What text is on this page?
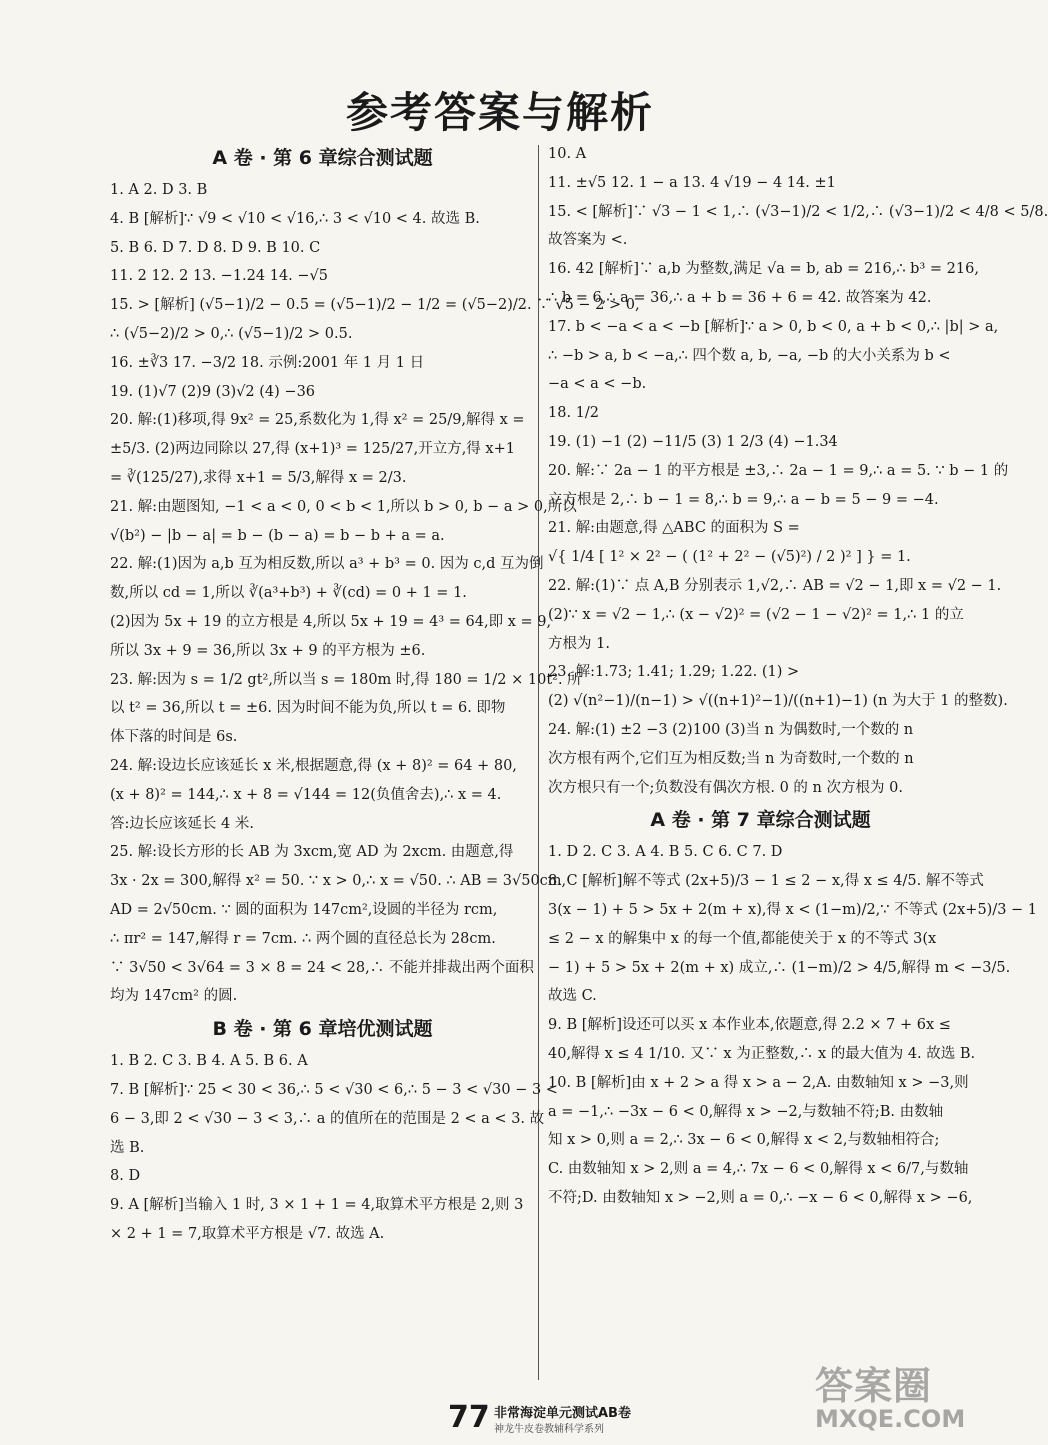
参考答案与解析
A 卷 · 第 6 章综合测试题
1. A 2. D 3. B
4. B [解析]∵ √9 < √10 < √16,∴ 3 < √10 < 4. 故选 B.
5. B 6. D 7. D 8. D 9. B 10. C
11. 2 12. 2 13. −1.24 14. −√5
15. > [解析] (√5−1)/2 − 0.5 = (√5−1)/2 − 1/2 = (√5−2)/2. ∵ √5 − 2 > 0,
∴ (√5−2)/2 > 0,∴ (√5−1)/2 > 0.5.
16. ±∛3 17. −3/2 18. 示例:2001 年 1 月 1 日
19. (1)√7 (2)9 (3)√2 (4) −36
20. 解:(1)移项,得 9x² = 25,系数化为 1,得 x² = 25/9,解得 x =
±5/3. (2)两边同除以 27,得 (x+1)³ = 125/27,开立方,得 x+1
= ∛(125/27),求得 x+1 = 5/3,解得 x = 2/3.
21. 解:由题图知, −1 < a < 0, 0 < b < 1,所以 b > 0, b − a > 0,所以
√(b²) − |b − a| = b − (b − a) = b − b + a = a.
22. 解:(1)因为 a,b 互为相反数,所以 a³ + b³ = 0. 因为 c,d 互为倒
数,所以 cd = 1,所以 ∛(a³+b³) + ∛(cd) = 0 + 1 = 1.
(2)因为 5x + 19 的立方根是 4,所以 5x + 19 = 4³ = 64,即 x = 9,
所以 3x + 9 = 36,所以 3x + 9 的平方根为 ±6.
23. 解:因为 s = 1/2 gt²,所以当 s = 180m 时,得 180 = 1/2 × 10t². 所
以 t² = 36,所以 t = ±6. 因为时间不能为负,所以 t = 6. 即物
体下落的时间是 6s.
24. 解:设边长应该延长 x 米,根据题意,得 (x + 8)² = 64 + 80,
(x + 8)² = 144,∴ x + 8 = √144 = 12(负值舍去),∴ x = 4.
答:边长应该延长 4 米.
25. 解:设长方形的长 AB 为 3xcm,宽 AD 为 2xcm. 由题意,得
3x · 2x = 300,解得 x² = 50. ∵ x > 0,∴ x = √50. ∴ AB = 3√50cm,
AD = 2√50cm. ∵ 圆的面积为 147cm²,设圆的半径为 rcm,
∴ πr² = 147,解得 r = 7cm. ∴ 两个圆的直径总长为 28cm.
∵ 3√50 < 3√64 = 3 × 8 = 24 < 28,∴ 不能并排裁出两个面积
均为 147cm² 的圆.
B 卷 · 第 6 章培优测试题
1. B 2. C 3. B 4. A 5. B 6. A
7. B [解析]∵ 25 < 30 < 36,∴ 5 < √30 < 6,∴ 5 − 3 < √30 − 3 <
6 − 3,即 2 < √30 − 3 < 3,∴ a 的值所在的范围是 2 < a < 3. 故
选 B.
8. D
9. A [解析]当输入 1 时, 3 × 1 + 1 = 4,取算术平方根是 2,则 3
× 2 + 1 = 7,取算术平方根是 √7. 故选 A.
10. A
11. ±√5 12. 1 − a 13. 4 √19 − 4 14. ±1
15. < [解析]∵ √3 − 1 < 1,∴ (√3−1)/2 < 1/2,∴ (√3−1)/2 < 4/8 < 5/8.
故答案为 <.
16. 42 [解析]∵ a,b 为整数,满足 √a = b, ab = 216,∴ b³ = 216,
∴ b = 6,∴ a = 36,∴ a + b = 36 + 6 = 42. 故答案为 42.
17. b < −a < a < −b [解析]∵ a > 0, b < 0, a + b < 0,∴ |b| > a,
∴ −b > a, b < −a,∴ 四个数 a, b, −a, −b 的大小关系为 b <
−a < a < −b.
18. 1/2
19. (1) −1 (2) −11/5 (3) 1 2/3 (4) −1.34
20. 解:∵ 2a − 1 的平方根是 ±3,∴ 2a − 1 = 9,∴ a = 5. ∵ b − 1 的
立方根是 2,∴ b − 1 = 8,∴ b = 9,∴ a − b = 5 − 9 = −4.
21. 解:由题意,得 △ABC 的面积为 S =
√{ 1/4 [ 1² × 2² − ( (1² + 2² − (√5)²) / 2 )² ] } = 1.
22. 解:(1)∵ 点 A,B 分别表示 1,√2,∴ AB = √2 − 1,即 x = √2 − 1.
(2)∵ x = √2 − 1,∴ (x − √2)² = (√2 − 1 − √2)² = 1,∴ 1 的立
方根为 1.
23. 解:1.73; 1.41; 1.29; 1.22. (1) >
(2) √(n²−1)/(n−1) > √((n+1)²−1)/((n+1)−1) (n 为大于 1 的整数).
24. 解:(1) ±2 −3 (2)100 (3)当 n 为偶数时,一个数的 n
次方根有两个,它们互为相反数;当 n 为奇数时,一个数的 n
次方根只有一个;负数没有偶次方根. 0 的 n 次方根为 0.
A 卷 · 第 7 章综合测试题
1. D 2. C 3. A 4. B 5. C 6. C 7. D
8. C [解析]解不等式 (2x+5)/3 − 1 ≤ 2 − x,得 x ≤ 4/5. 解不等式
3(x − 1) + 5 > 5x + 2(m + x),得 x < (1−m)/2,∵ 不等式 (2x+5)/3 − 1
≤ 2 − x 的解集中 x 的每一个值,都能使关于 x 的不等式 3(x
− 1) + 5 > 5x + 2(m + x) 成立,∴ (1−m)/2 > 4/5,解得 m < −3/5.
故选 C.
9. B [解析]设还可以买 x 本作业本,依题意,得 2.2 × 7 + 6x ≤
40,解得 x ≤ 4 1/10. 又∵ x 为正整数,∴ x 的最大值为 4. 故选 B.
10. B [解析]由 x + 2 > a 得 x > a − 2,A. 由数轴知 x > −3,则
a = −1,∴ −3x − 6 < 0,解得 x > −2,与数轴不符;B. 由数轴
知 x > 0,则 a = 2,∴ 3x − 6 < 0,解得 x < 2,与数轴相符合;
C. 由数轴知 x > 2,则 a = 4,∴ 7x − 6 < 0,解得 x < 6/7,与数轴
不符;D. 由数轴知 x > −2,则 a = 0,∴ −x − 6 < 0,解得 x > −6,
77 非常海淀单元测试AB卷
神龙牛皮卷教辅科学系列
答案圈
MXQE.COM
